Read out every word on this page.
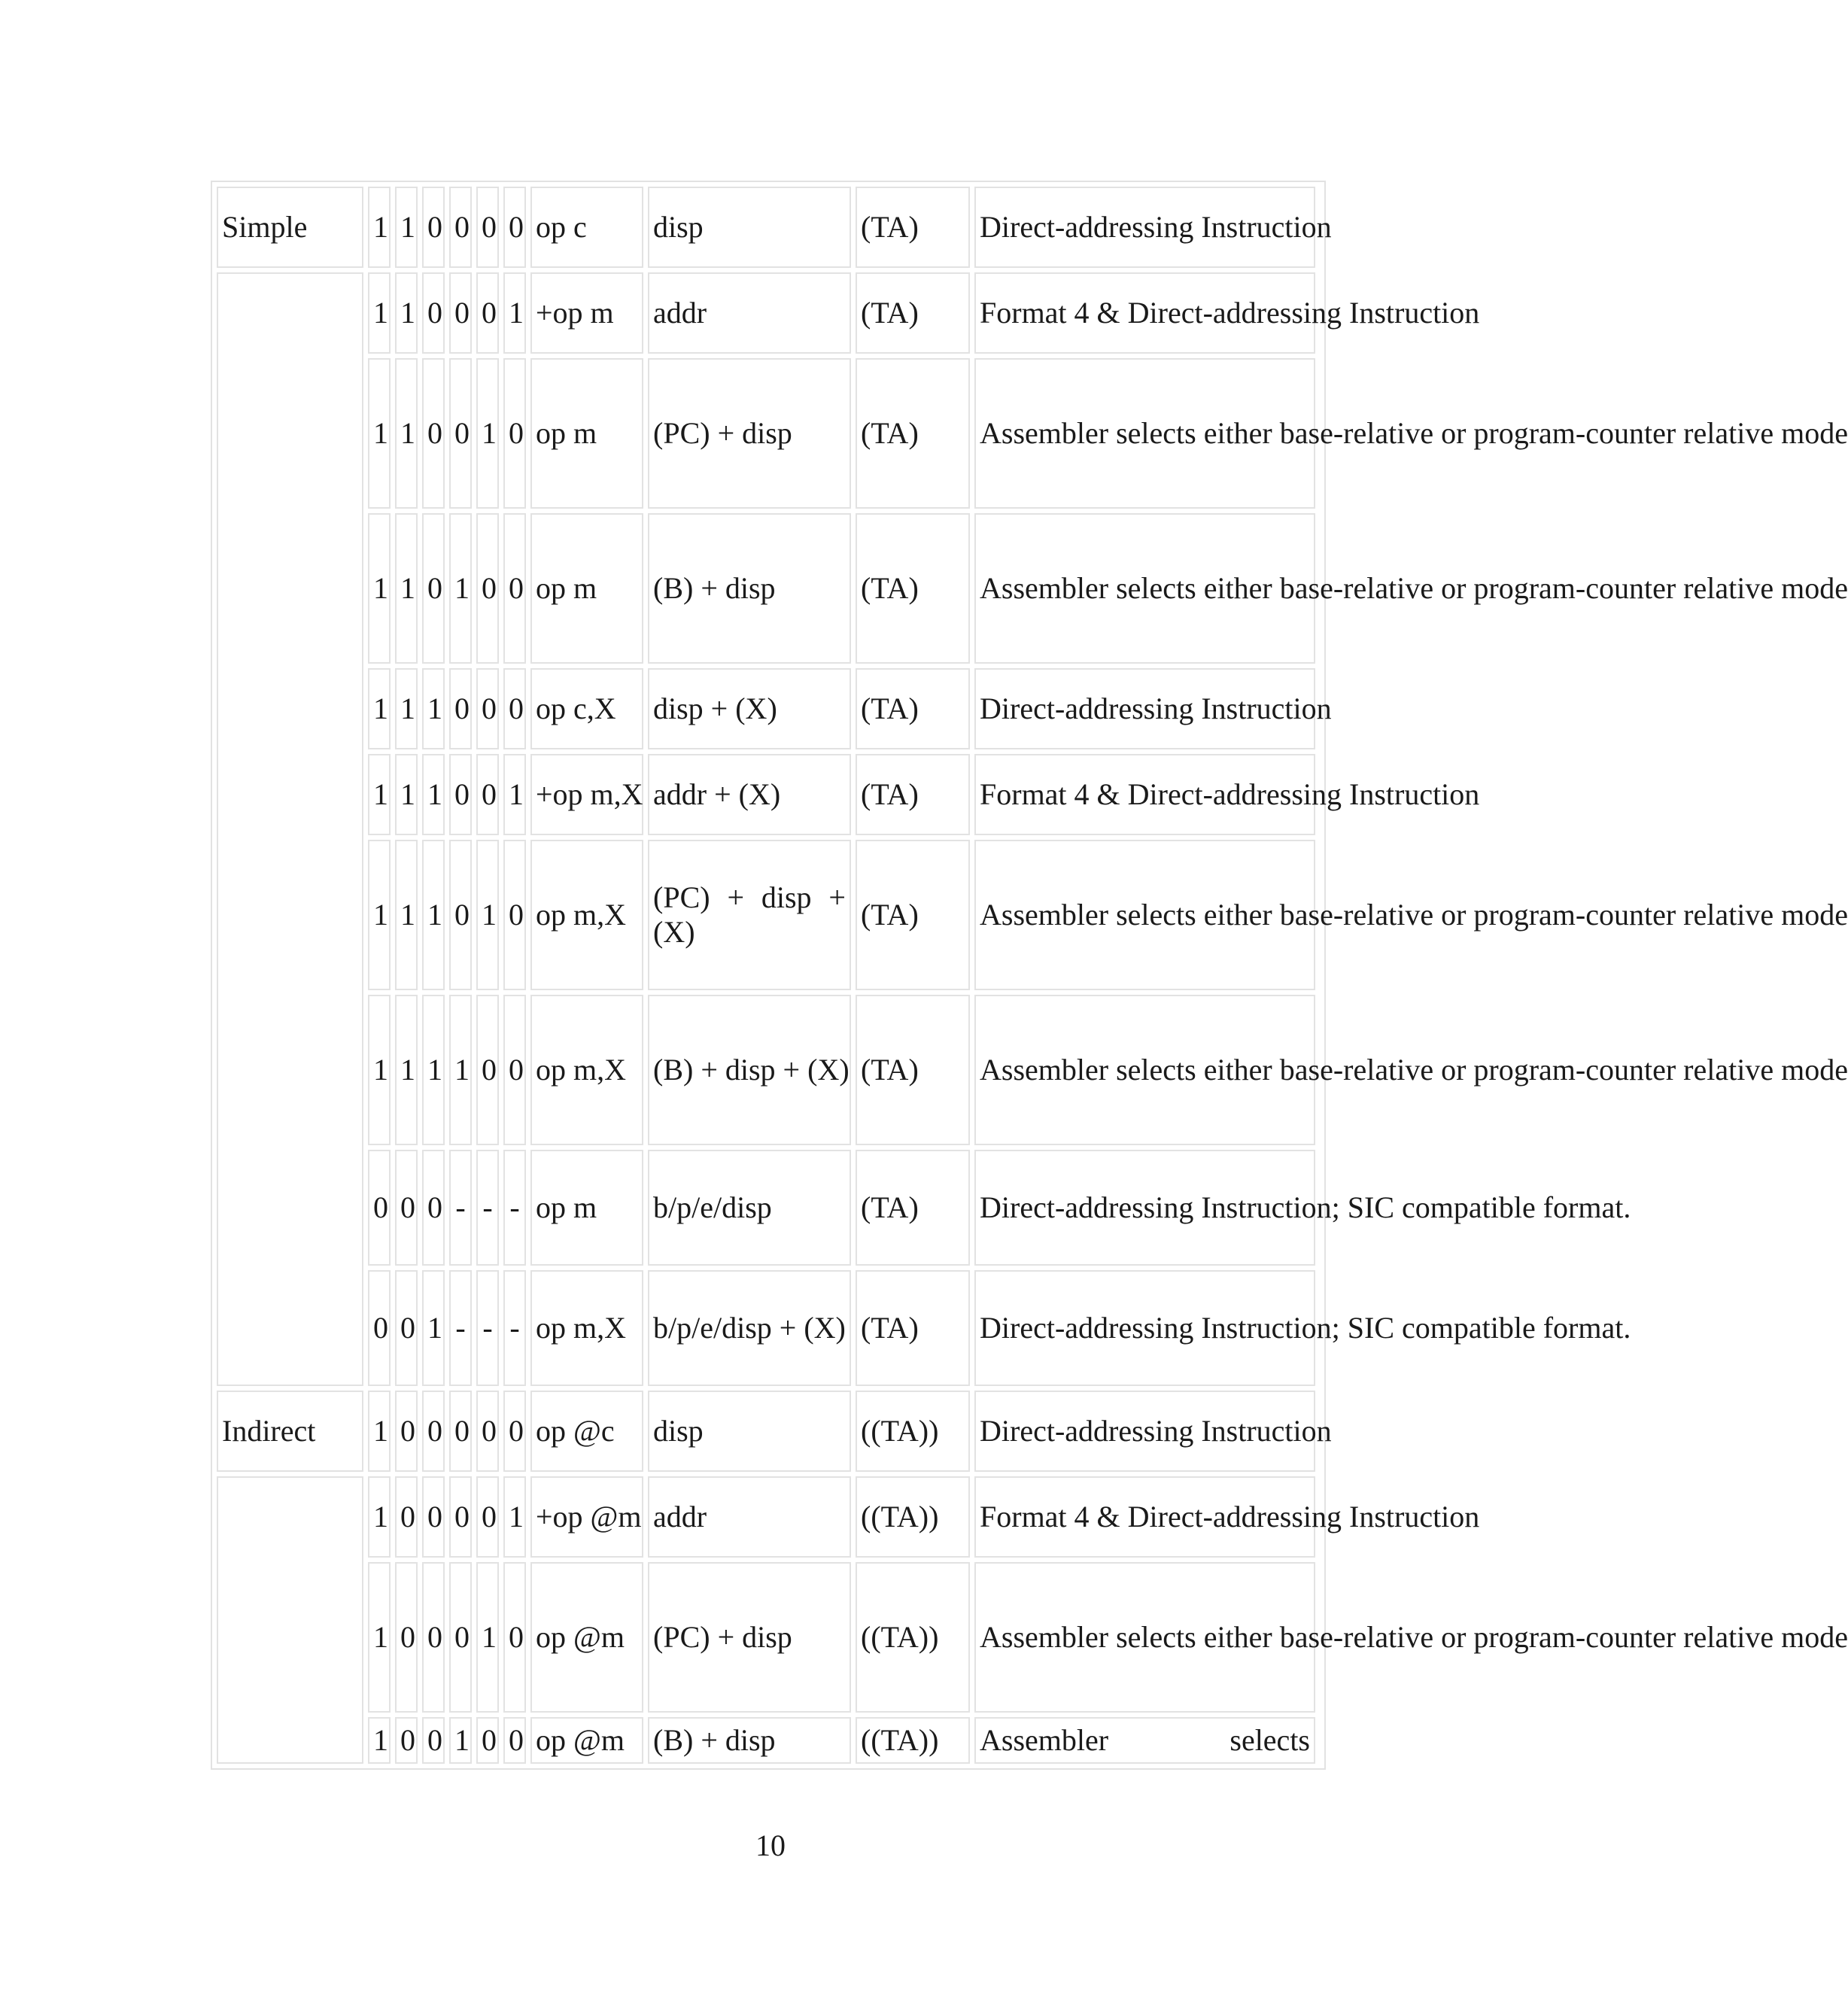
Simple	1	1	0	0	0	0	op c	disp	(TA)	Direct-addressing Instruction
	1	1	0	0	0	1	+op m	addr	(TA)	Format 4 & Direct-addressing Instruction
	1	1	0	0	1	0	op m	(PC) + disp	(TA)	Assembler selects either base-relative or program-counter relative mode
	1	1	0	1	0	0	op m	(B) + disp	(TA)	Assembler selects either base-relative or program-counter relative mode
	1	1	1	0	0	0	op c,X	disp + (X)	(TA)	Direct-addressing Instruction
	1	1	1	0	0	1	+op m,X	addr + (X)	(TA)	Format 4 & Direct-addressing Instruction
	1	1	1	0	1	0	op m,X	(PC) + disp + (X)	(TA)	Assembler selects either base-relative or program-counter relative mode
	1	1	1	1	0	0	op m,X	(B) + disp + (X)	(TA)	Assembler selects either base-relative or program-counter relative mode
	0	0	0	-	-	-	op m	b/p/e/disp	(TA)	Direct-addressing Instruction; SIC compatible format.
	0	0	1	-	-	-	op m,X	b/p/e/disp + (X)	(TA)	Direct-addressing Instruction; SIC compatible format.
Indirect	1	0	0	0	0	0	op @c	disp	((TA))	Direct-addressing Instruction
	1	0	0	0	0	1	+op @m	addr	((TA))	Format 4 & Direct-addressing Instruction
	1	0	0	0	1	0	op @m	(PC) + disp	((TA))	Assembler selects either base-relative or program-counter relative mode
	1	0	0	1	0	0	op @m	(B) + disp	((TA))	Assembler selects
10
